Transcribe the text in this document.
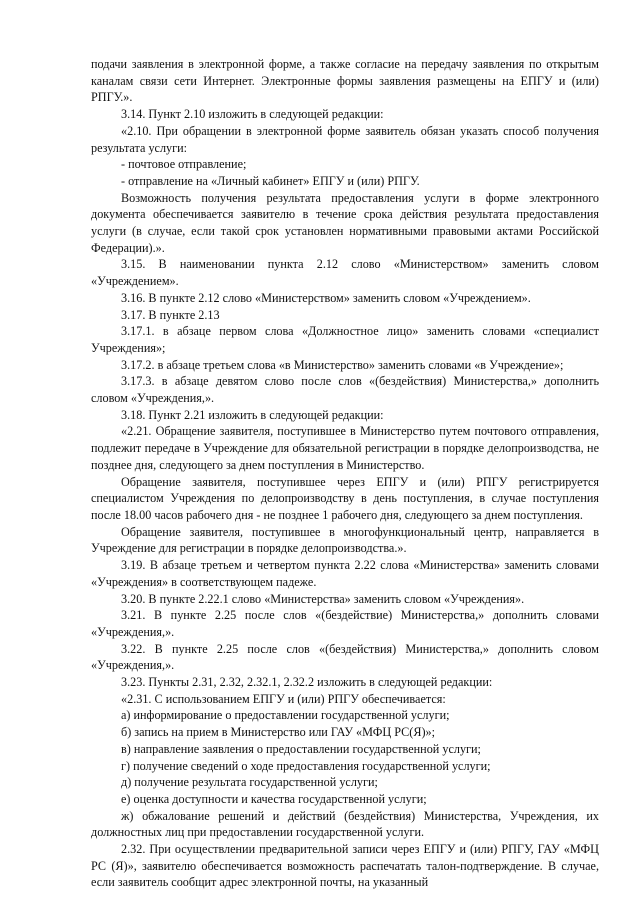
подачи заявления в электронной форме, а также согласие на передачу заявления по открытым каналам связи сети Интернет. Электронные формы заявления размещены на ЕПГУ и (или) РПГУ.».

3.14. Пункт 2.10 изложить в следующей редакции:

«2.10. При обращении в электронной форме заявитель обязан указать способ получения результата услуги:

- почтовое отправление;

- отправление на «Личный кабинет» ЕПГУ и (или) РПГУ.

Возможность получения результата предоставления услуги в форме электронного документа обеспечивается заявителю в течение срока действия результата предоставления услуги (в случае, если такой срок установлен нормативными правовыми актами Российской Федерации).».

3.15. В наименовании пункта 2.12 слово «Министерством» заменить словом «Учреждением».

3.16. В пункте 2.12 слово «Министерством» заменить словом «Учреждением».

3.17. В пункте 2.13

3.17.1. в абзаце первом слова «Должностное лицо» заменить словами «специалист Учреждения»;

3.17.2. в абзаце третьем слова «в Министерство» заменить словами «в Учреждение»;

3.17.3. в абзаце девятом слово после слов «(бездействия) Министерства,» дополнить словом «Учреждения,».

3.18. Пункт 2.21 изложить в следующей редакции:

«2.21. Обращение заявителя, поступившее в Министерство путем почтового отправления, подлежит передаче в Учреждение для обязательной регистрации в порядке делопроизводства, не позднее дня, следующего за днем поступления в Министерство.

Обращение заявителя, поступившее через ЕПГУ и (или) РПГУ регистрируется специалистом Учреждения по делопроизводству в день поступления, в случае поступления после 18.00 часов рабочего дня - не позднее 1 рабочего дня, следующего за днем поступления.

Обращение заявителя, поступившее в многофункциональный центр, направляется в Учреждение для регистрации в порядке делопроизводства.».

3.19. В абзаце третьем и четвертом пункта 2.22 слова «Министерства» заменить словами «Учреждения» в соответствующем падеже.

3.20. В пункте 2.22.1 слово «Министерства» заменить словом «Учреждения».

3.21. В пункте 2.25 после слов «(бездействие) Министерства,» дополнить словами «Учреждения,».

3.22. В пункте 2.25 после слов «(бездействия) Министерства,» дополнить словом «Учреждения,».

3.23. Пункты 2.31, 2.32, 2.32.1, 2.32.2 изложить в следующей редакции:

«2.31. С использованием ЕПГУ и (или) РПГУ обеспечивается:

а) информирование о предоставлении государственной услуги;

б) запись на прием в Министерство или ГАУ «МФЦ РС(Я)»;

в) направление заявления о предоставлении государственной услуги;

г) получение сведений о ходе предоставления государственной услуги;

д) получение результата государственной услуги;

е) оценка доступности и качества государственной услуги;

ж) обжалование решений и действий (бездействия) Министерства, Учреждения, их должностных лиц при предоставлении государственной услуги.

2.32. При осуществлении предварительной записи через ЕПГУ и (или) РПГУ, ГАУ «МФЦ РС (Я)», заявителю обеспечивается возможность распечатать талон-подтверждение. В случае, если заявитель сообщит адрес электронной почты, на указанный
